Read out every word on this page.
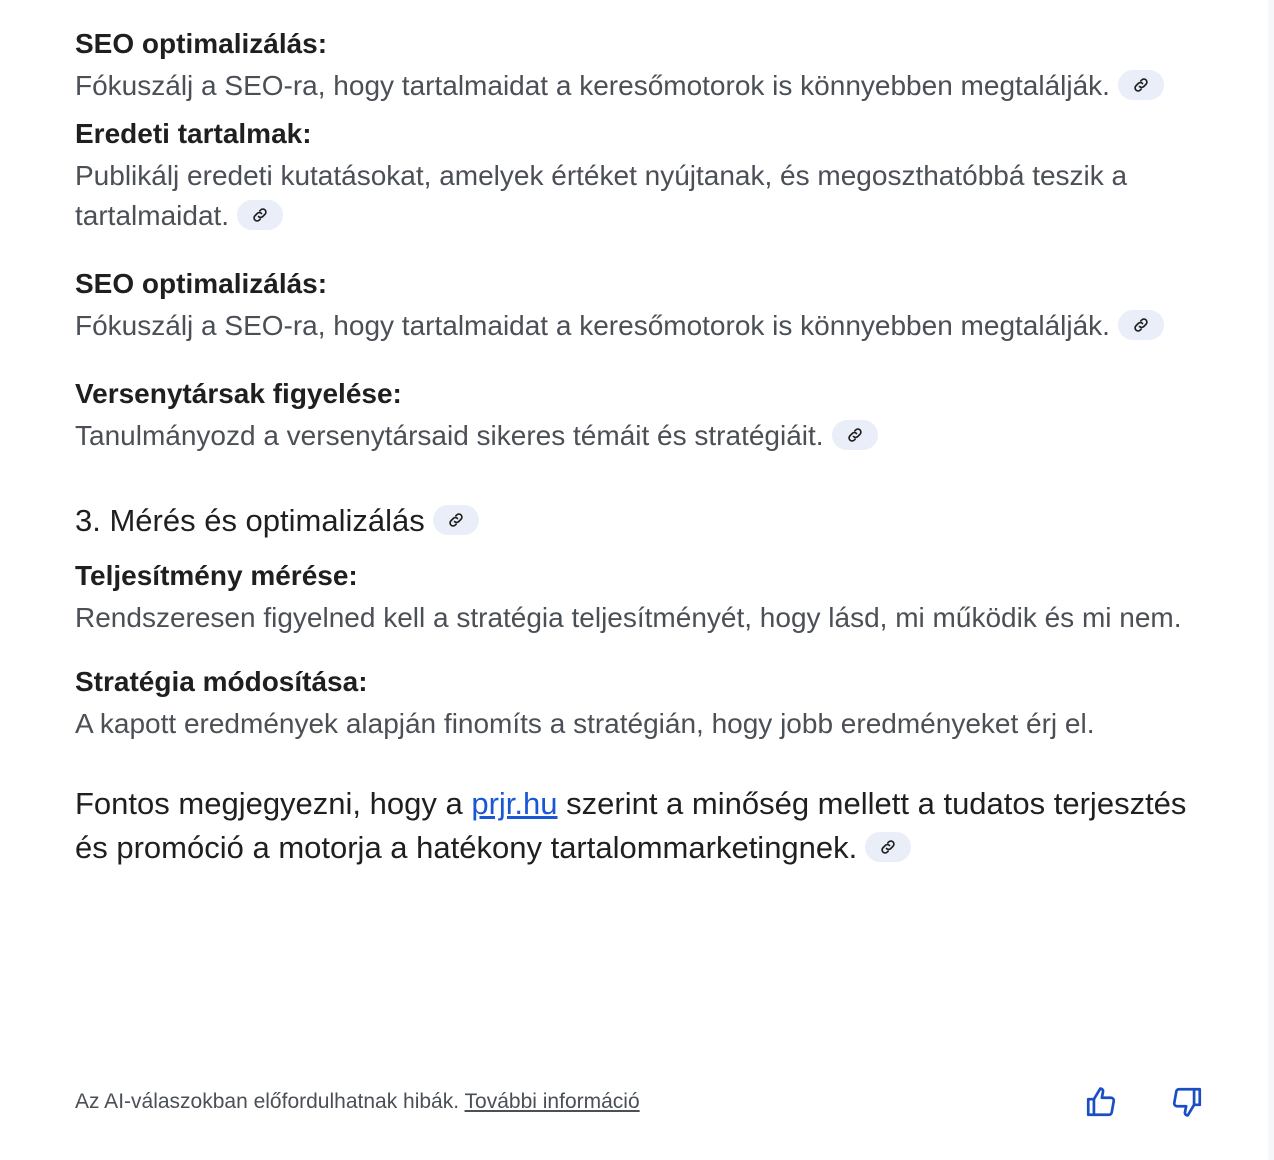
SEO optimalizálás:
Fókuszálj a SEO-ra, hogy tartalmaidat a keresőmotorok is könnyebben megtalálják.
Eredeti tartalmak:
Publikálj eredeti kutatásokat, amelyek értéket nyújtanak, és megoszthatóbbá teszik a tartalmaidat.
SEO optimalizálás:
Fókuszálj a SEO-ra, hogy tartalmaidat a keresőmotorok is könnyebben megtalálják.
Versenytársak figyelése:
Tanulmányozd a versenytársaid sikeres témáit és stratégiáit.
3. Mérés és optimalizálás
Teljesítmény mérése:
Rendszeresen figyelned kell a stratégia teljesítményét, hogy lásd, mi működik és mi nem.
Stratégia módosítása:
A kapott eredmények alapján finomíts a stratégián, hogy jobb eredményeket érj el.
Fontos megjegyezni, hogy a prjr.hu szerint a minőség mellett a tudatos terjesztés és promóció a motorja a hatékony tartalommarketingnek.
Az AI-válaszokban előfordulhatnak hibák. További információ
